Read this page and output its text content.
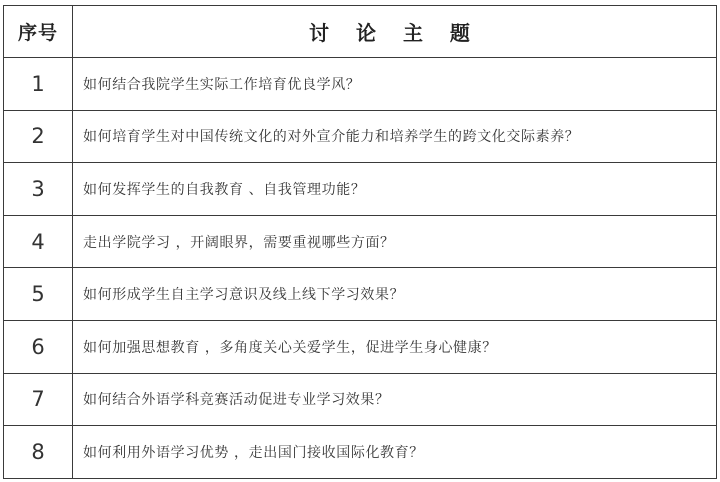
序号	讨 论 主 题
1	如何结合我院学生实际工作培育优良学风？
2	如何培育学生对中国传统文化的对外宣介能力和培养学生的跨文化交际素养？
3	如何发挥学生的自我教育 、自我管理功能？
4	走出学院学习 ，开阔眼界，需要重视哪些方面？
5	如何形成学生自主学习意识及线上线下学习效果？
6	如何加强思想教育 ，多角度关心关爱学生，促进学生身心健康？
7	如何结合外语学科竞赛活动促进专业学习效果？
8	如何利用外语学习优势 ，走出国门接收国际化教育？
